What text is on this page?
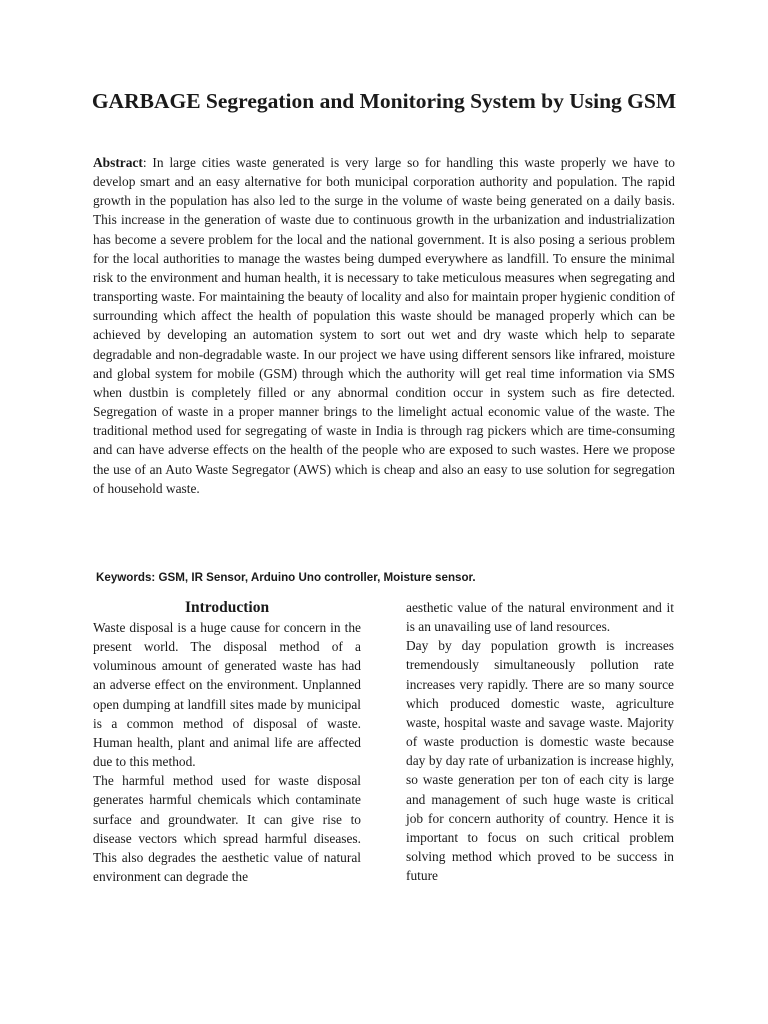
GARBAGE Segregation and Monitoring System by Using GSM

Abstract: In large cities waste generated is very large so for handling this waste properly we have to develop smart and an easy alternative for both municipal corporation authority and population. The rapid growth in the population has also led to the surge in the volume of waste being generated on a daily basis. This increase in the generation of waste due to continuous growth in the urbanization and industrialization has become a severe problem for the local and the national government. It is also posing a serious problem for the local authorities to manage the wastes being dumped everywhere as landfill. To ensure the minimal risk to the environment and human health, it is necessary to take meticulous measures when segregating and transporting waste. For maintaining the beauty of locality and also for maintain proper hygienic condition of surrounding which affect the health of population this waste should be managed properly which can be achieved by developing an automation system to sort out wet and dry waste which help to separate degradable and non-degradable waste. In our project we have using different sensors like infrared, moisture and global system for mobile (GSM) through which the authority will get real time information via SMS when dustbin is completely filled or any abnormal condition occur in system such as fire detected. Segregation of waste in a proper manner brings to the limelight actual economic value of the waste. The traditional method used for segregating of waste in India is through rag pickers which are time-consuming and can have adverse effects on the health of the people who are exposed to such wastes. Here we propose the use of an Auto Waste Segregator (AWS) which is cheap and also an easy to use solution for segregation of household waste.

Keywords: GSM, IR Sensor, Arduino Uno controller, Moisture sensor.

Introduction

Waste disposal is a huge cause for concern in the present world. The disposal method of a voluminous amount of generated waste has had an adverse effect on the environment. Unplanned open dumping at landfill sites made by municipal is a common method of disposal of waste. Human health, plant and animal life are affected due to this method.

The harmful method used for waste disposal generates harmful chemicals which contaminate surface and groundwater. It can give rise to disease vectors which spread harmful diseases. This also degrades the aesthetic value of natural environment can degrade the

aesthetic value of the natural environment and it is an unavailing use of land resources.

Day by day population growth is increases tremendously simultaneously pollution rate increases very rapidly. There are so many source which produced domestic waste, agriculture waste, hospital waste and savage waste. Majority of waste production is domestic waste because day by day rate of urbanization is increase highly, so waste generation per ton of each city is large and management of such huge waste is critical job for concern authority of country. Hence it is important to focus on such critical problem solving method which proved to be success in future
